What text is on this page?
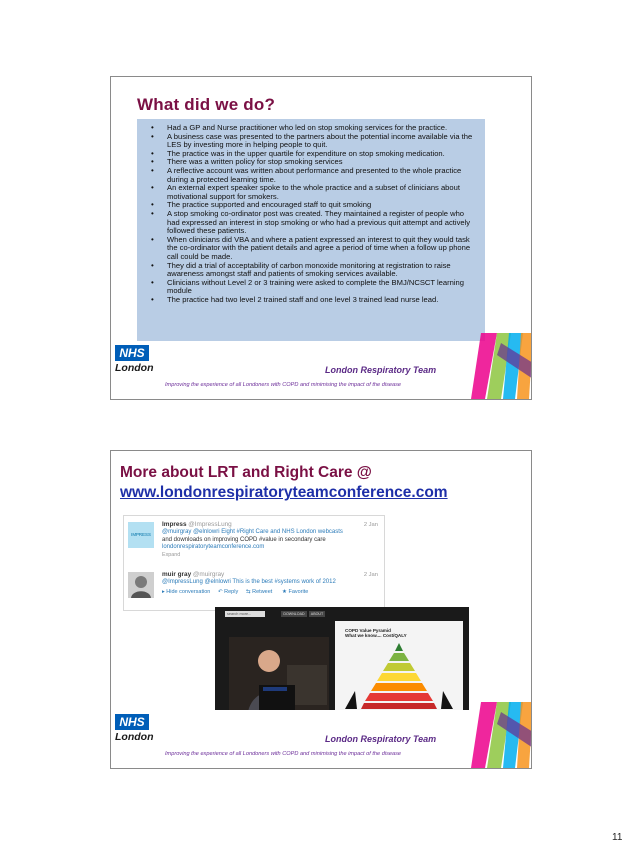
What did we do?
• Had a GP and Nurse practitioner who led on stop smoking services for the practice.
• A business case was presented to the partners about the potential income available via the LES by investing more in helping people to quit.
• The practice was in the upper quartile for expenditure on stop smoking medication.
• There was a written policy for stop smoking services
• A reflective account was written about performance and presented to the whole practice during a protected learning time.
• An external expert speaker spoke to the whole practice and a subset of clinicians about motivational support for smokers.
• The practice supported and encouraged staff to quit smoking
• A stop smoking co-ordinator post was created. They maintained a register of people who had expressed an interest in stop smoking or who had a previous quit attempt and actively followed these patients.
• When clinicians did VBA and where a patient expressed an interest to quit they would task the co-ordinator with the patient details and agree a period of time when a follow up phone call could be made.
• They did a trial of acceptability of carbon monoxide monitoring at registration to raise awareness amongst staff and patients of smoking services available.
• Clinicians without Level 2 or 3 training were asked to complete the BMJ/NCSCT learning module
• The practice had two level 2 trained staff and one level 3 trained lead nurse lead.
NHS
London	London Respiratory Team
Improving the experience of all Londoners with COPD and minimising the impact of the disease
More about LRT and Right Care @
www.londonrespiratoryteamconference.com
IMPRESS
Impress @ImpressLung	2 Jan
@muirgray @elnlowri Eight #Right Care and NHS London webcasts
and downloads on improving COPD #value in secondary care
londonrespiratoryteamconference.com
Expand
muir gray @muirgray	2 Jan
@ImpressLung @elnlowri This is the best #systems work of 2012
▸ Hide conversation ↶ Reply ⇆ Retweet ★ Favorite
search more...	DOWNLOAD	ABOUT
COPD Value Pyramid
What we know.... Cost/QALY
NHS
London	London Respiratory Team
Improving the experience of all Londoners with COPD and minimising the impact of the disease
11
